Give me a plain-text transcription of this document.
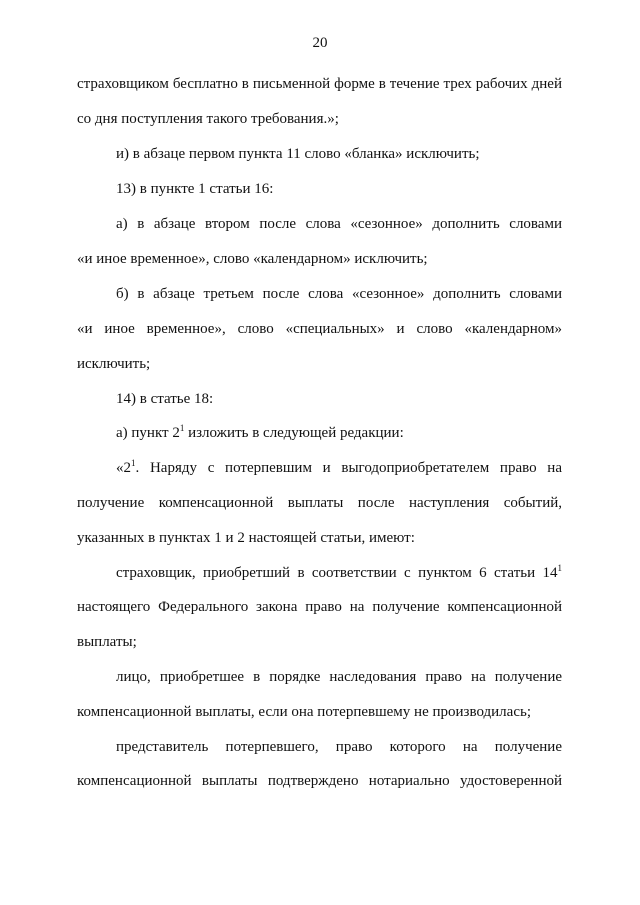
20
страховщиком бесплатно в письменной форме в течение трех рабочих дней
со дня поступления такого требования.»;
и) в абзаце первом пункта 11 слово «бланка» исключить;
13) в пункте 1 статьи 16:
а) в абзаце втором после слова «сезонное» дополнить словами
«и иное временное», слово «календарном» исключить;
б) в абзаце третьем после слова «сезонное» дополнить словами
«и иное временное», слово «специальных» и слово «календарном»
исключить;
14) в статье 18:
а) пункт $2^1$ изложить в следующей редакции:
«$2^1$. Наряду с потерпевшим и выгодоприобретателем право на
получение компенсационной выплаты после наступления событий,
указанных в пунктах 1 и 2 настоящей статьи, имеют:
страховщик, приобретший в соответствии с пунктом 6 статьи $14^1$
настоящего Федерального закона право на получение компенсационной
выплаты;
лицо, приобретшее в порядке наследования право на получение
компенсационной выплаты, если она потерпевшему не производилась;
представитель потерпевшего, право которого на получение
компенсационной выплаты подтверждено нотариально удостоверенной
